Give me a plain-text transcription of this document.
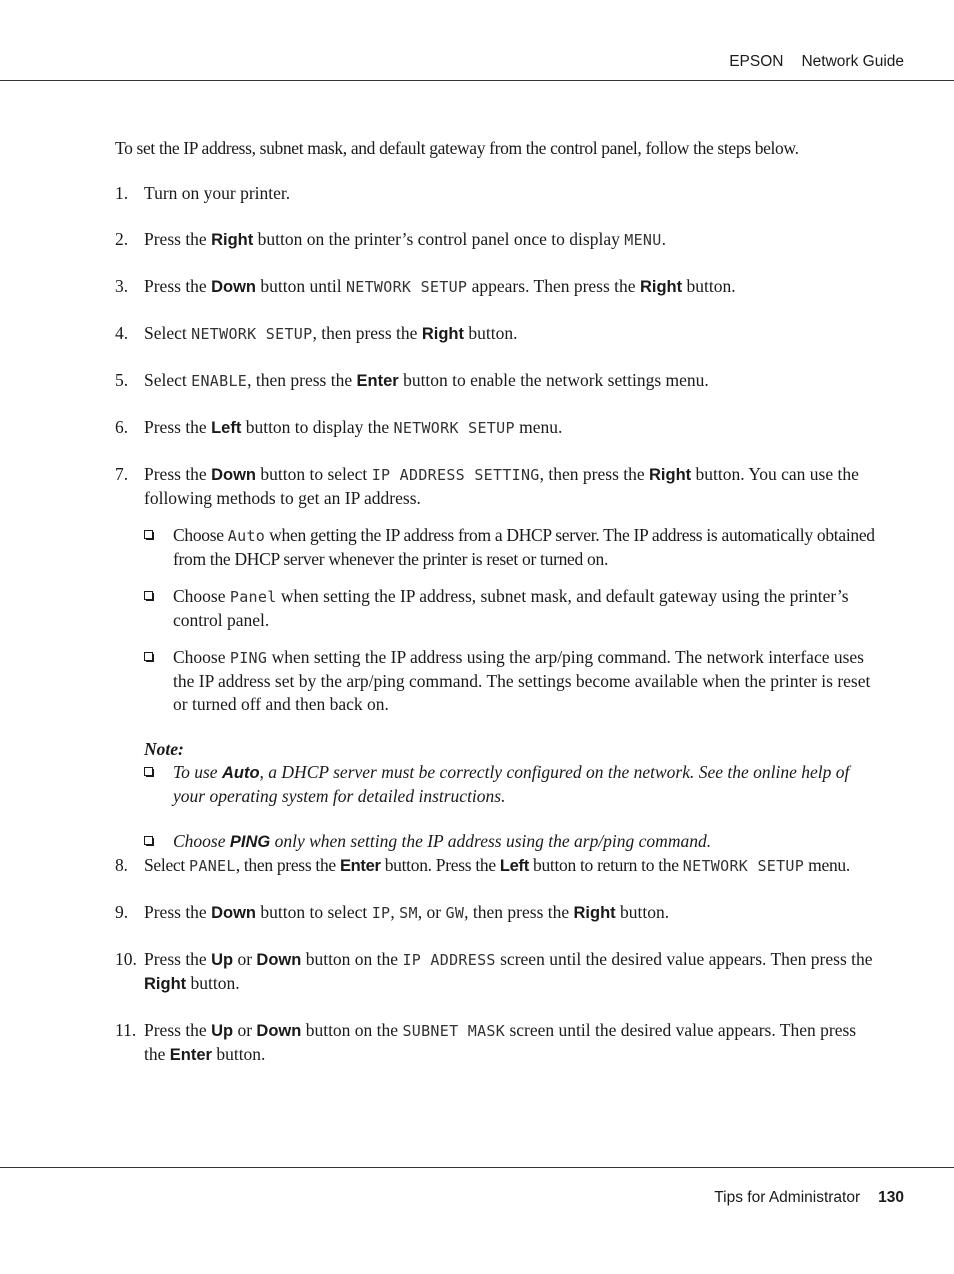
EPSON Network Guide

To set the IP address, subnet mask, and default gateway from the control panel, follow the steps below.

1. Turn on your printer.
2. Press the Right button on the printer’s control panel once to display MENU.
3. Press the Down button until NETWORK SETUP appears. Then press the Right button.
4. Select NETWORK SETUP, then press the Right button.
5. Select ENABLE, then press the Enter button to enable the network settings menu.
6. Press the Left button to display the NETWORK SETUP menu.
7. Press the Down button to select IP ADDRESS SETTING, then press the Right button. You can use the following methods to get an IP address.
Choose Auto when getting the IP address from a DHCP server. The IP address is automatically obtained from the DHCP server whenever the printer is reset or turned on.
Choose Panel when setting the IP address, subnet mask, and default gateway using the printer’s control panel.
Choose PING when setting the IP address using the arp/ping command. The network interface uses the IP address set by the arp/ping command. The settings become available when the printer is reset or turned off and then back on.
Note:
To use Auto, a DHCP server must be correctly configured on the network. See the online help of your operating system for detailed instructions.
Choose PING only when setting the IP address using the arp/ping command.
8. Select PANEL, then press the Enter button. Press the Left button to return to the NETWORK SETUP menu.
9. Press the Down button to select IP, SM, or GW, then press the Right button.
10. Press the Up or Down button on the IP ADDRESS screen until the desired value appears. Then press the Right button.
11. Press the Up or Down button on the SUBNET MASK screen until the desired value appears. Then press the Enter button.
Tips for Administrator 130
